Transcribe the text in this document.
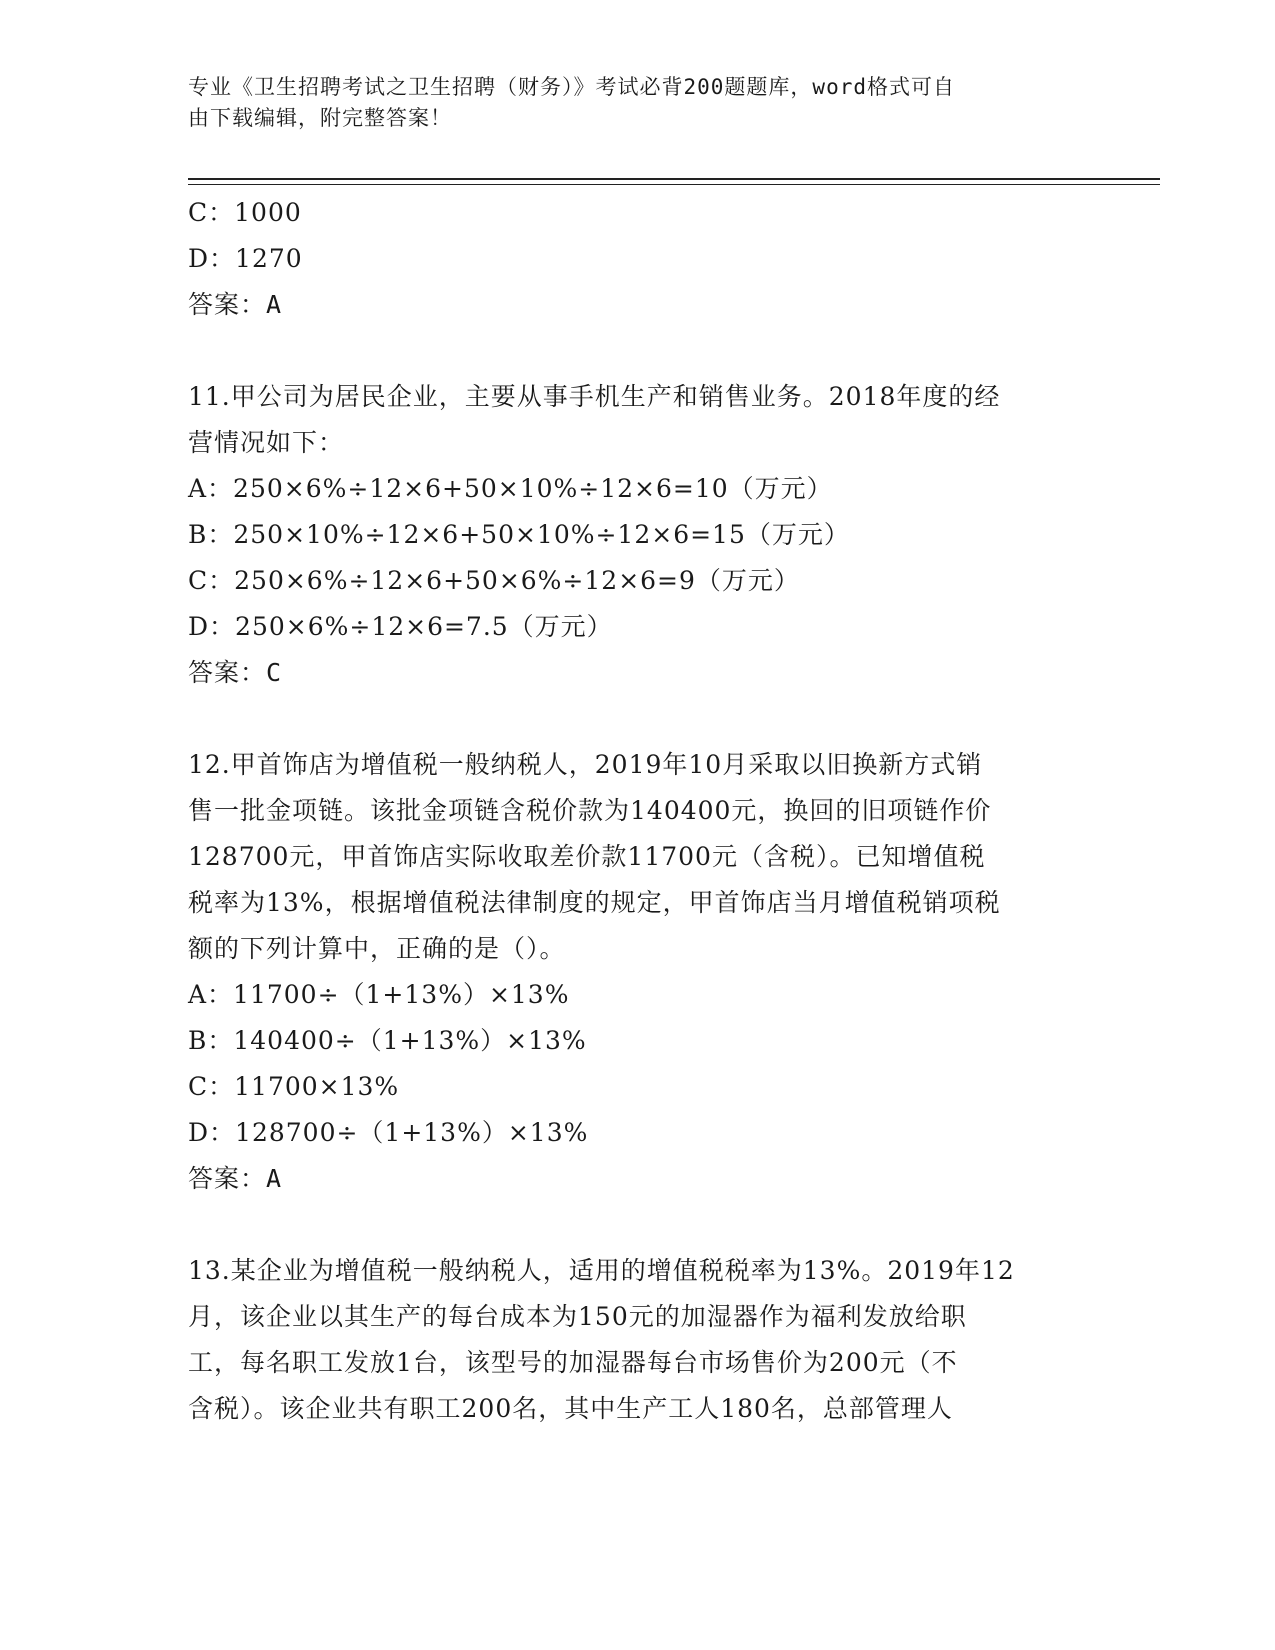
专业《卫生招聘考试之卫生招聘（财务）》考试必背200题题库，word格式可自
由下载编辑，附完整答案！
C：1000
D：1270
答案：A
11.甲公司为居民企业，主要从事手机生产和销售业务。2018年度的经
营情况如下：
A：250×6%÷12×6+50×10%÷12×6=10（万元）
B：250×10%÷12×6+50×10%÷12×6=15（万元）
C：250×6%÷12×6+50×6%÷12×6=9（万元）
D：250×6%÷12×6=7.5（万元）
答案：C
12.甲首饰店为增值税一般纳税人，2019年10月采取以旧换新方式销
售一批金项链。该批金项链含税价款为140400元，换回的旧项链作价
128700元，甲首饰店实际收取差价款11700元（含税）。已知增值税
税率为13%，根据增值税法律制度的规定，甲首饰店当月增值税销项税
额的下列计算中，正确的是（）。
A：11700÷（1+13%）×13%
B：140400÷（1+13%）×13%
C：11700×13%
D：128700÷（1+13%）×13%
答案：A
13.某企业为增值税一般纳税人，适用的增值税税率为13%。2019年12
月，该企业以其生产的每台成本为150元的加湿器作为福利发放给职
工，每名职工发放1台，该型号的加湿器每台市场售价为200元（不
含税）。该企业共有职工200名，其中生产工人180名，总部管理人
